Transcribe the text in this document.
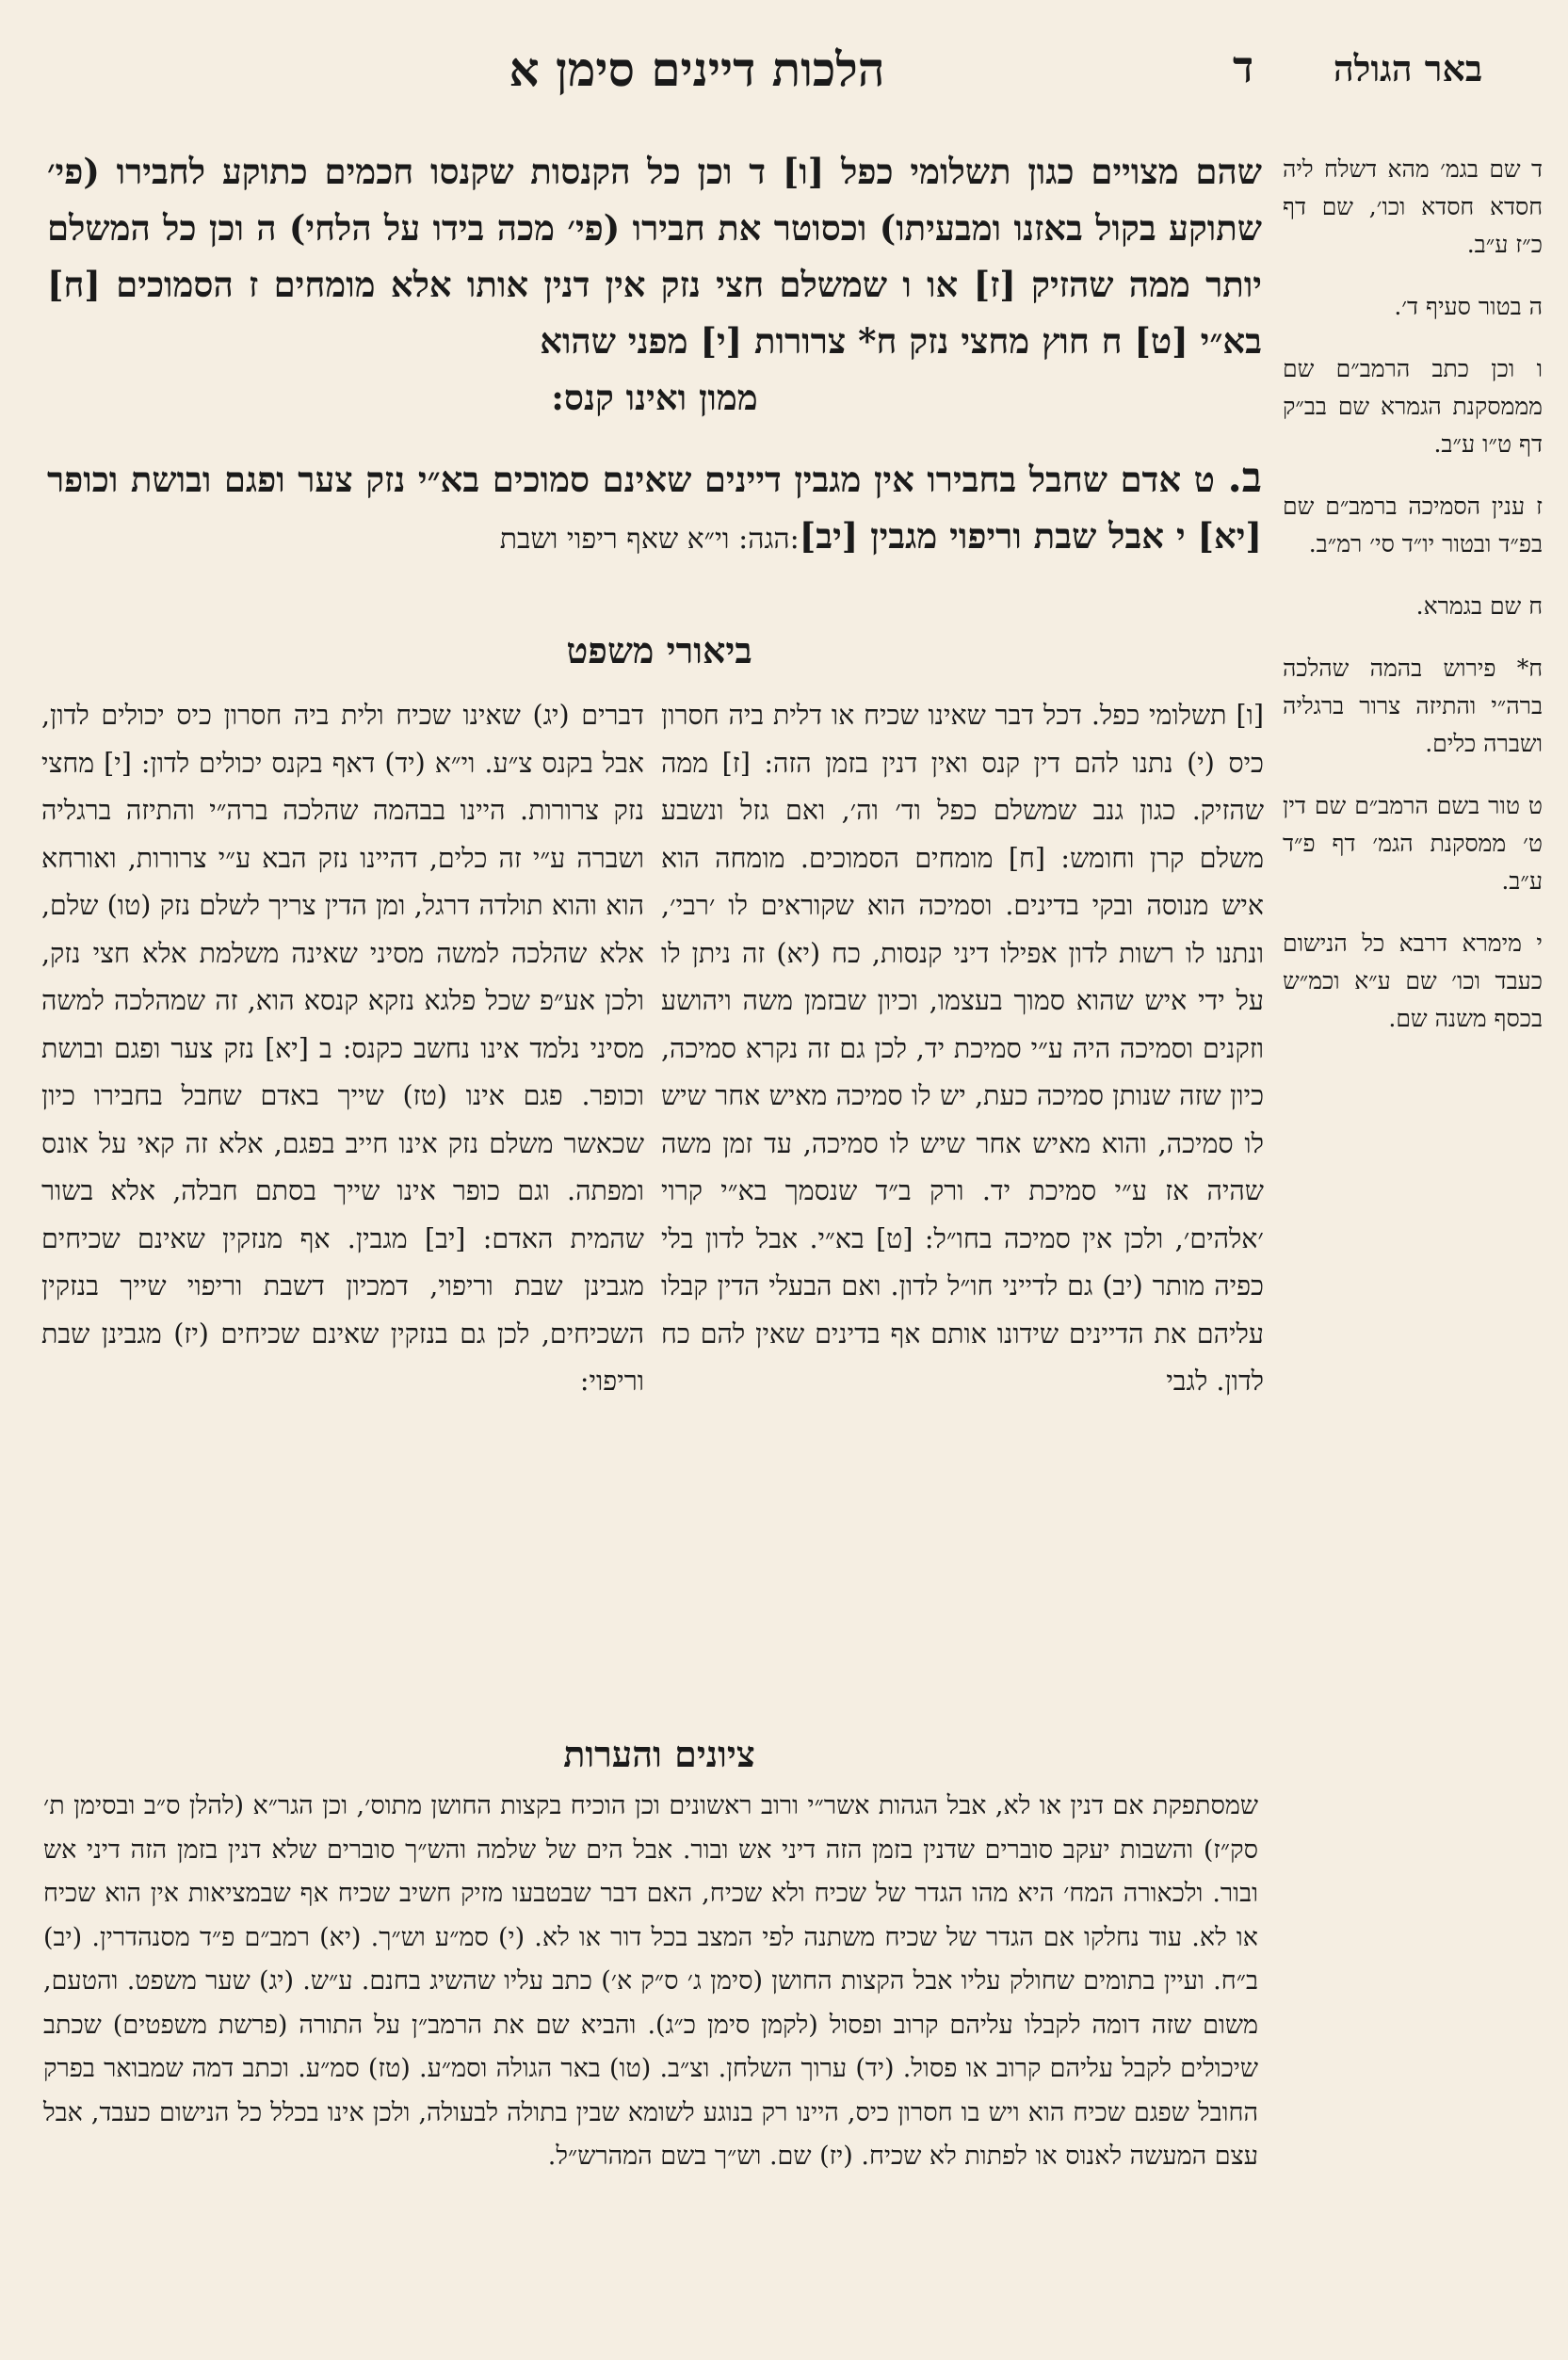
באר הגולה
ד
הלכות דיינים סימן א

ד שם בגמ׳ מהא דשלח ליה חסדא חסדא וכו׳, שם דף כ״ז ע״ב.

ה בטור סעיף ד׳.

ו וכן כתב הרמב״ם שם מממסקנת הגמרא שם בב״ק דף ט״ו ע״ב.

ז ענין הסמיכה ברמב״ם שם בפ״ד ובטור יו״ד סי׳ רמ״ב.

ח שם בגמרא.

ח* פירוש בהמה שהלכה ברה״י והתיזה צרור ברגליה ושברה כלים.

ט טור בשם הרמב״ם שם דין ט׳ ממסקנת הגמ׳ דף פ״ד ע״ב.

י מימרא דרבא כל הנישום כעבד וכו׳ שם ע״א וכמ״ש בכסף משנה שם.

שהם מצויים כגון תשלומי כפל [ו] ד וכן כל הקנסות שקנסו חכמים כתוקע לחבירו (פי׳ שתוקע בקול באזנו ומבעיתו) וכסוטר את חבירו (פי׳ מכה בידו על הלחי) ה וכן כל המשלם יותר ממה שהזיק [ז] או ו שמשלם חצי נזק אין דנין אותו אלא מומחים ז הסמוכים [ח] בא״י [ט] ח חוץ מחצי נזק ח* צרורות [י] מפני שהוא

ממון ואינו קנס:

ב. ט אדם שחבל בחבירו אין מגבין דיינים שאינם סמוכים בא״י נזק צער ופגם ובושת וכופר [יא] י אבל שבת וריפוי מגבין [יב]:הגה: וי״א שאף ריפוי ושבת

ביאורי משפט
[ו] תשלומי כפל. דכל דבר שאינו שכיח או דלית ביה חסרון כיס (י) נתנו להם דין קנס ואין דנין בזמן הזה: [ז] ממה שהזיק. כגון גנב שמשלם כפל וד׳ וה׳, ואם גזל ונשבע משלם קרן וחומש: [ח] מומחים הסמוכים. מומחה הוא איש מנוסה ובקי בדינים. וסמיכה הוא שקוראים לו ׳רבי׳, ונתנו לו רשות לדון אפילו דיני קנסות, כח (יא) זה ניתן לו על ידי איש שהוא סמוך בעצמו, וכיון שבזמן משה ויהושע וזקנים וסמיכה היה ע״י סמיכת יד, לכן גם זה נקרא סמיכה, כיון שזה שנותן סמיכה כעת, יש לו סמיכה מאיש אחר שיש לו סמיכה, והוא מאיש אחר שיש לו סמיכה, עד זמן משה שהיה אז ע״י סמיכת יד. ורק ב״ד שנסמך בא״י קרוי ׳אלהים׳, ולכן אין סמיכה בחו״ל: [ט] בא״י. אבל לדון בלי כפיה מותר (יב) גם לדייני חו״ל לדון. ואם הבעלי הדין קבלו עליהם את הדיינים שידונו אותם אף בדינים שאין להם כח לדון. לגבי
דברים (יג) שאינו שכיח ולית ביה חסרון כיס יכולים לדון, אבל בקנס צ״ע. וי״א (יד) דאף בקנס יכולים לדון: [י] מחצי נזק צרורות. היינו בבהמה שהלכה ברה״י והתיזה ברגליה ושברה ע״י זה כלים, דהיינו נזק הבא ע״י צרורות, ואורחא הוא והוא תולדה דרגל, ומן הדין צריך לשלם נזק (טו) שלם, אלא שהלכה למשה מסיני שאינה משלמת אלא חצי נזק, ולכן אע״פ שכל פלגא נזקא קנסא הוא, זה שמהלכה למשה מסיני נלמד אינו נחשב כקנס: ב [יא] נזק צער ופגם ובושת וכופר. פגם אינו (טז) שייך באדם שחבל בחבירו כיון שכאשר משלם נזק אינו חייב בפגם, אלא זה קאי על אונס ומפתה. וגם כופר אינו שייך בסתם חבלה, אלא בשור שהמית האדם: [יב] מגבין. אף מנזקין שאינם שכיחים מגבינן שבת וריפוי, דמכיון דשבת וריפוי שייך בנזקין השכיחים, לכן גם בנזקין שאינם שכיחים (יז) מגבינן שבת וריפוי:
ציונים והערות
שמסתפקת אם דנין או לא, אבל הגהות אשר״י ורוב ראשונים וכן הוכיח בקצות החושן מתוס׳, וכן הגר״א (להלן ס״ב ובסימן ת׳ סק״ז) והשבות יעקב סוברים שדנין בזמן הזה דיני אש ובור. אבל הים של שלמה והש״ך סוברים שלא דנין בזמן הזה דיני אש ובור. ולכאורה המח׳ היא מהו הגדר של שכיח ולא שכיח, האם דבר שבטבעו מזיק חשיב שכיח אף שבמציאות אין הוא שכיח או לא. עוד נחלקו אם הגדר של שכיח משתנה לפי המצב בכל דור או לא. (י) סמ״ע וש״ך. (יא) רמב״ם פ״ד מסנהדרין. (יב) ב״ח. ועיין בתומים שחולק עליו אבל הקצות החושן (סימן ג׳ ס״ק א׳) כתב עליו שהשיג בחנם. ע״ש. (יג) שער משפט. והטעם, משום שזה דומה לקבלו עליהם קרוב ופסול (לקמן סימן כ״ג). והביא שם את הרמב״ן על התורה (פרשת משפטים) שכתב שיכולים לקבל עליהם קרוב או פסול. (יד) ערוך השלחן. וצ״ב. (טו) באר הגולה וסמ״ע. (טז) סמ״ע. וכתב דמה שמבואר בפרק החובל שפגם שכיח הוא ויש בו חסרון כיס, היינו רק בנוגע לשומא שבין בתולה לבעולה, ולכן אינו בכלל כל הנישום כעבד, אבל עצם המעשה לאנוס או לפתות לא שכיח. (יז) שם. וש״ך בשם המהרש״ל.
